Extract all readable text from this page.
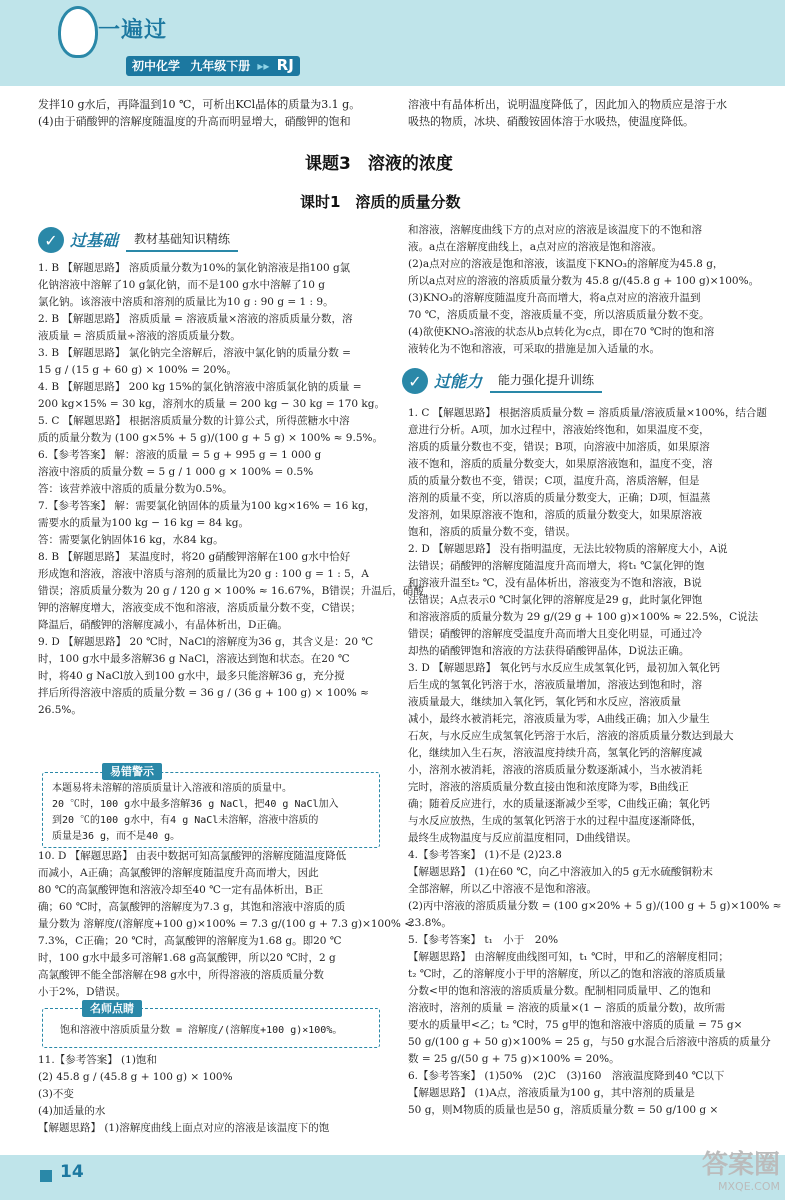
一遍过
初中化学 九年级下册 ▸▸ RJ
发拌10 g水后，再降温到10 ℃，可析出KCl晶体的质量为3.1 g。
(4)由于硝酸钾的溶解度随温度的升高而明显增大，硝酸钾的饱和
溶液中有晶体析出，说明温度降低了，因此加入的物质应是溶于水
吸热的物质，冰块、硝酸铵固体溶于水吸热，使温度降低。
课题3　溶液的浓度
课时1　溶质的质量分数
✓ 过基础	教材基础知识精练
1. B 【解题思路】 溶质质量分数为10%的氯化钠溶液是指100 g氯
化钠溶液中溶解了10 g氯化钠，而不是100 g水中溶解了10 g
氯化钠。该溶液中溶质和溶剂的质量比为10 g : 90 g = 1 : 9。
2. B 【解题思路】 溶质质量 = 溶液质量×溶液的溶质质量分数，溶
液质量 = 溶质质量÷溶液的溶质质量分数。
3. B 【解题思路】 氯化钠完全溶解后，溶液中氯化钠的质量分数 =
15 g / (15 g + 60 g) × 100% = 20%。
4. B 【解题思路】 200 kg 15%的氯化钠溶液中溶质氯化钠的质量 =
200 kg×15% = 30 kg，溶剂水的质量 = 200 kg − 30 kg = 170 kg。
5. C 【解题思路】 根据溶质质量分数的计算公式，所得蔗糖水中溶
质的质量分数为 (100 g×5% + 5 g)/(100 g + 5 g) × 100% ≈ 9.5%。
6.【参考答案】 解：溶液的质量 = 5 g + 995 g = 1 000 g
溶液中溶质的质量分数 = 5 g / 1 000 g × 100% = 0.5%
答：该营养液中溶质的质量分数为0.5%。
7.【参考答案】 解：需要氯化钠固体的质量为100 kg×16% = 16 kg，
需要水的质量为100 kg − 16 kg = 84 kg。
答：需要氯化钠固体16 kg，水84 kg。
8. B 【解题思路】 某温度时，将20 g硝酸钾溶解在100 g水中恰好
形成饱和溶液，溶液中溶质与溶剂的质量比为20 g : 100 g = 1 : 5，A
错误；溶质质量分数为 20 g / 120 g × 100% ≈ 16.67%，B错误；升温后，硝酸
钾的溶解度增大，溶液变成不饱和溶液，溶质质量分数不变，C错误；
降温后，硝酸钾的溶解度减小，有晶体析出，D正确。
9. D 【解题思路】 20 ℃时，NaCl的溶解度为36 g，其含义是：20 ℃
时，100 g水中最多溶解36 g NaCl，溶液达到饱和状态。在20 ℃
时，将40 g NaCl放入到100 g水中，最多只能溶解36 g，充分搅
拌后所得溶液中溶质的质量分数 = 36 g / (36 g + 100 g) × 100% ≈
26.5%。
易错警示
本题易将未溶解的溶质质量计入溶液和溶质的质量中。
20 ℃时，100 g水中最多溶解36 g NaCl，把40 g NaCl加入
到20 ℃的100 g水中，有4 g NaCl未溶解，溶液中溶质的
质量是36 g，而不是40 g。
10. D 【解题思路】 由表中数据可知高氯酸钾的溶解度随温度降低
而减小，A正确；高氯酸钾的溶解度随温度升高而增大，因此
80 ℃的高氯酸钾饱和溶液冷却至40 ℃一定有晶体析出，B正
确；60 ℃时，高氯酸钾的溶解度为7.3 g，其饱和溶液中溶质的质
量分数为 溶解度/(溶解度+100 g)×100% = 7.3 g/(100 g + 7.3 g)×100% <
7.3%，C正确；20 ℃时，高氯酸钾的溶解度为1.68 g。即20 ℃
时，100 g水中最多可溶解1.68 g高氯酸钾，所以20 ℃时，2 g
高氯酸钾不能全部溶解在98 g水中，所得溶液的溶质质量分数
小于2%，D错误。
名师点睛
饱和溶液中溶质质量分数 = 溶解度/(溶解度+100 g)×100%。
11.【参考答案】 (1)饱和
(2) 45.8 g / (45.8 g + 100 g) × 100%
(3)不变
(4)加适量的水
【解题思路】 (1)溶解度曲线上面点对应的溶液是该温度下的饱
和溶液，溶解度曲线下方的点对应的溶液是该温度下的不饱和溶
液。a点在溶解度曲线上，a点对应的溶液是饱和溶液。
(2)a点对应的溶液是饱和溶液，该温度下KNO₃的溶解度为45.8 g，
所以a点对应的溶液的溶质质量分数为 45.8 g/(45.8 g + 100 g)×100%。
(3)KNO₃的溶解度随温度升高而增大，将a点对应的溶液升温到
70 ℃，溶质质量不变，溶液质量不变，所以溶质质量分数不变。
(4)欲使KNO₃溶液的状态从b点转化为c点，即在70 ℃时的饱和溶
液转化为不饱和溶液，可采取的措施是加入适量的水。
✓ 过能力	能力强化提升训练
1. C 【解题思路】 根据溶质质量分数 = 溶质质量/溶液质量×100%，结合题
意进行分析。A项，加水过程中，溶液始终饱和，如果温度不变，
溶质的质量分数也不变，错误；B项，向溶液中加溶质，如果原溶
液不饱和，溶质的质量分数变大，如果原溶液饱和，温度不变，溶
质的质量分数也不变，错误；C项，温度升高，溶质溶解，但是
溶剂的质量不变，所以溶质的质量分数变大，正确；D项，恒温蒸
发溶剂，如果原溶液不饱和，溶质的质量分数变大，如果原溶液
饱和，溶质的质量分数不变，错误。
2. D 【解题思路】 没有指明温度，无法比较物质的溶解度大小，A说
法错误；硝酸钾的溶解度随温度升高而增大，将t₁ ℃氯化钾的饱
和溶液升温至t₂ ℃，没有晶体析出，溶液变为不饱和溶液，B说
法错误；A点表示0 ℃时氯化钾的溶解度是29 g，此时氯化钾饱
和溶液溶质的质量分数为 29 g/(29 g + 100 g)×100% ≈ 22.5%，C说法
错误；硝酸钾的溶解度受温度升高而增大且变化明显，可通过冷
却热的硝酸钾饱和溶液的方法获得硝酸钾晶体，D说法正确。
3. D 【解题思路】 氧化钙与水反应生成氢氧化钙，最初加入氧化钙
后生成的氢氧化钙溶于水，溶液质量增加，溶液达到饱和时，溶
液质量最大，继续加入氧化钙，氧化钙和水反应，溶液质量
减小，最终水被消耗完，溶液质量为零，A曲线正确；加入少量生
石灰，与水反应生成氢氧化钙溶于水后，溶液的溶质质量分数达到最大
化，继续加入生石灰，溶液温度持续升高，氢氧化钙的溶解度减
小，溶剂水被消耗，溶液的溶质质量分数逐渐减小，当水被消耗
完时，溶液的溶质质量分数直接由饱和浓度降为零，B曲线正
确；随着反应进行，水的质量逐渐减少至零，C曲线正确；氧化钙
与水反应放热，生成的氢氧化钙溶于水的过程中温度逐渐降低，
最终生成物温度与反应前温度相同，D曲线错误。
4.【参考答案】 (1)不是 (2)23.8
【解题思路】 (1)在60 ℃，向乙中溶液加入的5 g无水硫酸铜粉末
全部溶解，所以乙中溶液不是饱和溶液。
(2)丙中溶液的溶质质量分数 = (100 g×20% + 5 g)/(100 g + 5 g)×100% ≈
23.8%。
5.【参考答案】 t₁　小于　20%
【解题思路】 由溶解度曲线图可知，t₁ ℃时，甲和乙的溶解度相同；
t₂ ℃时，乙的溶解度小于甲的溶解度，所以乙的饱和溶液的溶质质量
分数<甲的饱和溶液的溶质质量分数。配制相同质量甲、乙的饱和
溶液时，溶剂的质量 = 溶液的质量×(1 − 溶质的质量分数)，故所需
要水的质量甲<乙；t₂ ℃时，75 g甲的饱和溶液中溶质的质量 = 75 g×
50 g/(100 g + 50 g)×100% = 25 g，与50 g水混合后溶液中溶质的质量分
数 = 25 g/(50 g + 75 g)×100% = 20%。
6.【参考答案】 (1)50%　(2)C　(3)160　溶液温度降到40 ℃以下
【解题思路】 (1)A点，溶液质量为100 g，其中溶剂的质量是
50 g，则M物质的质量也是50 g，溶质质量分数 = 50 g/100 g ×
14	答案圈
MXQE.COM
